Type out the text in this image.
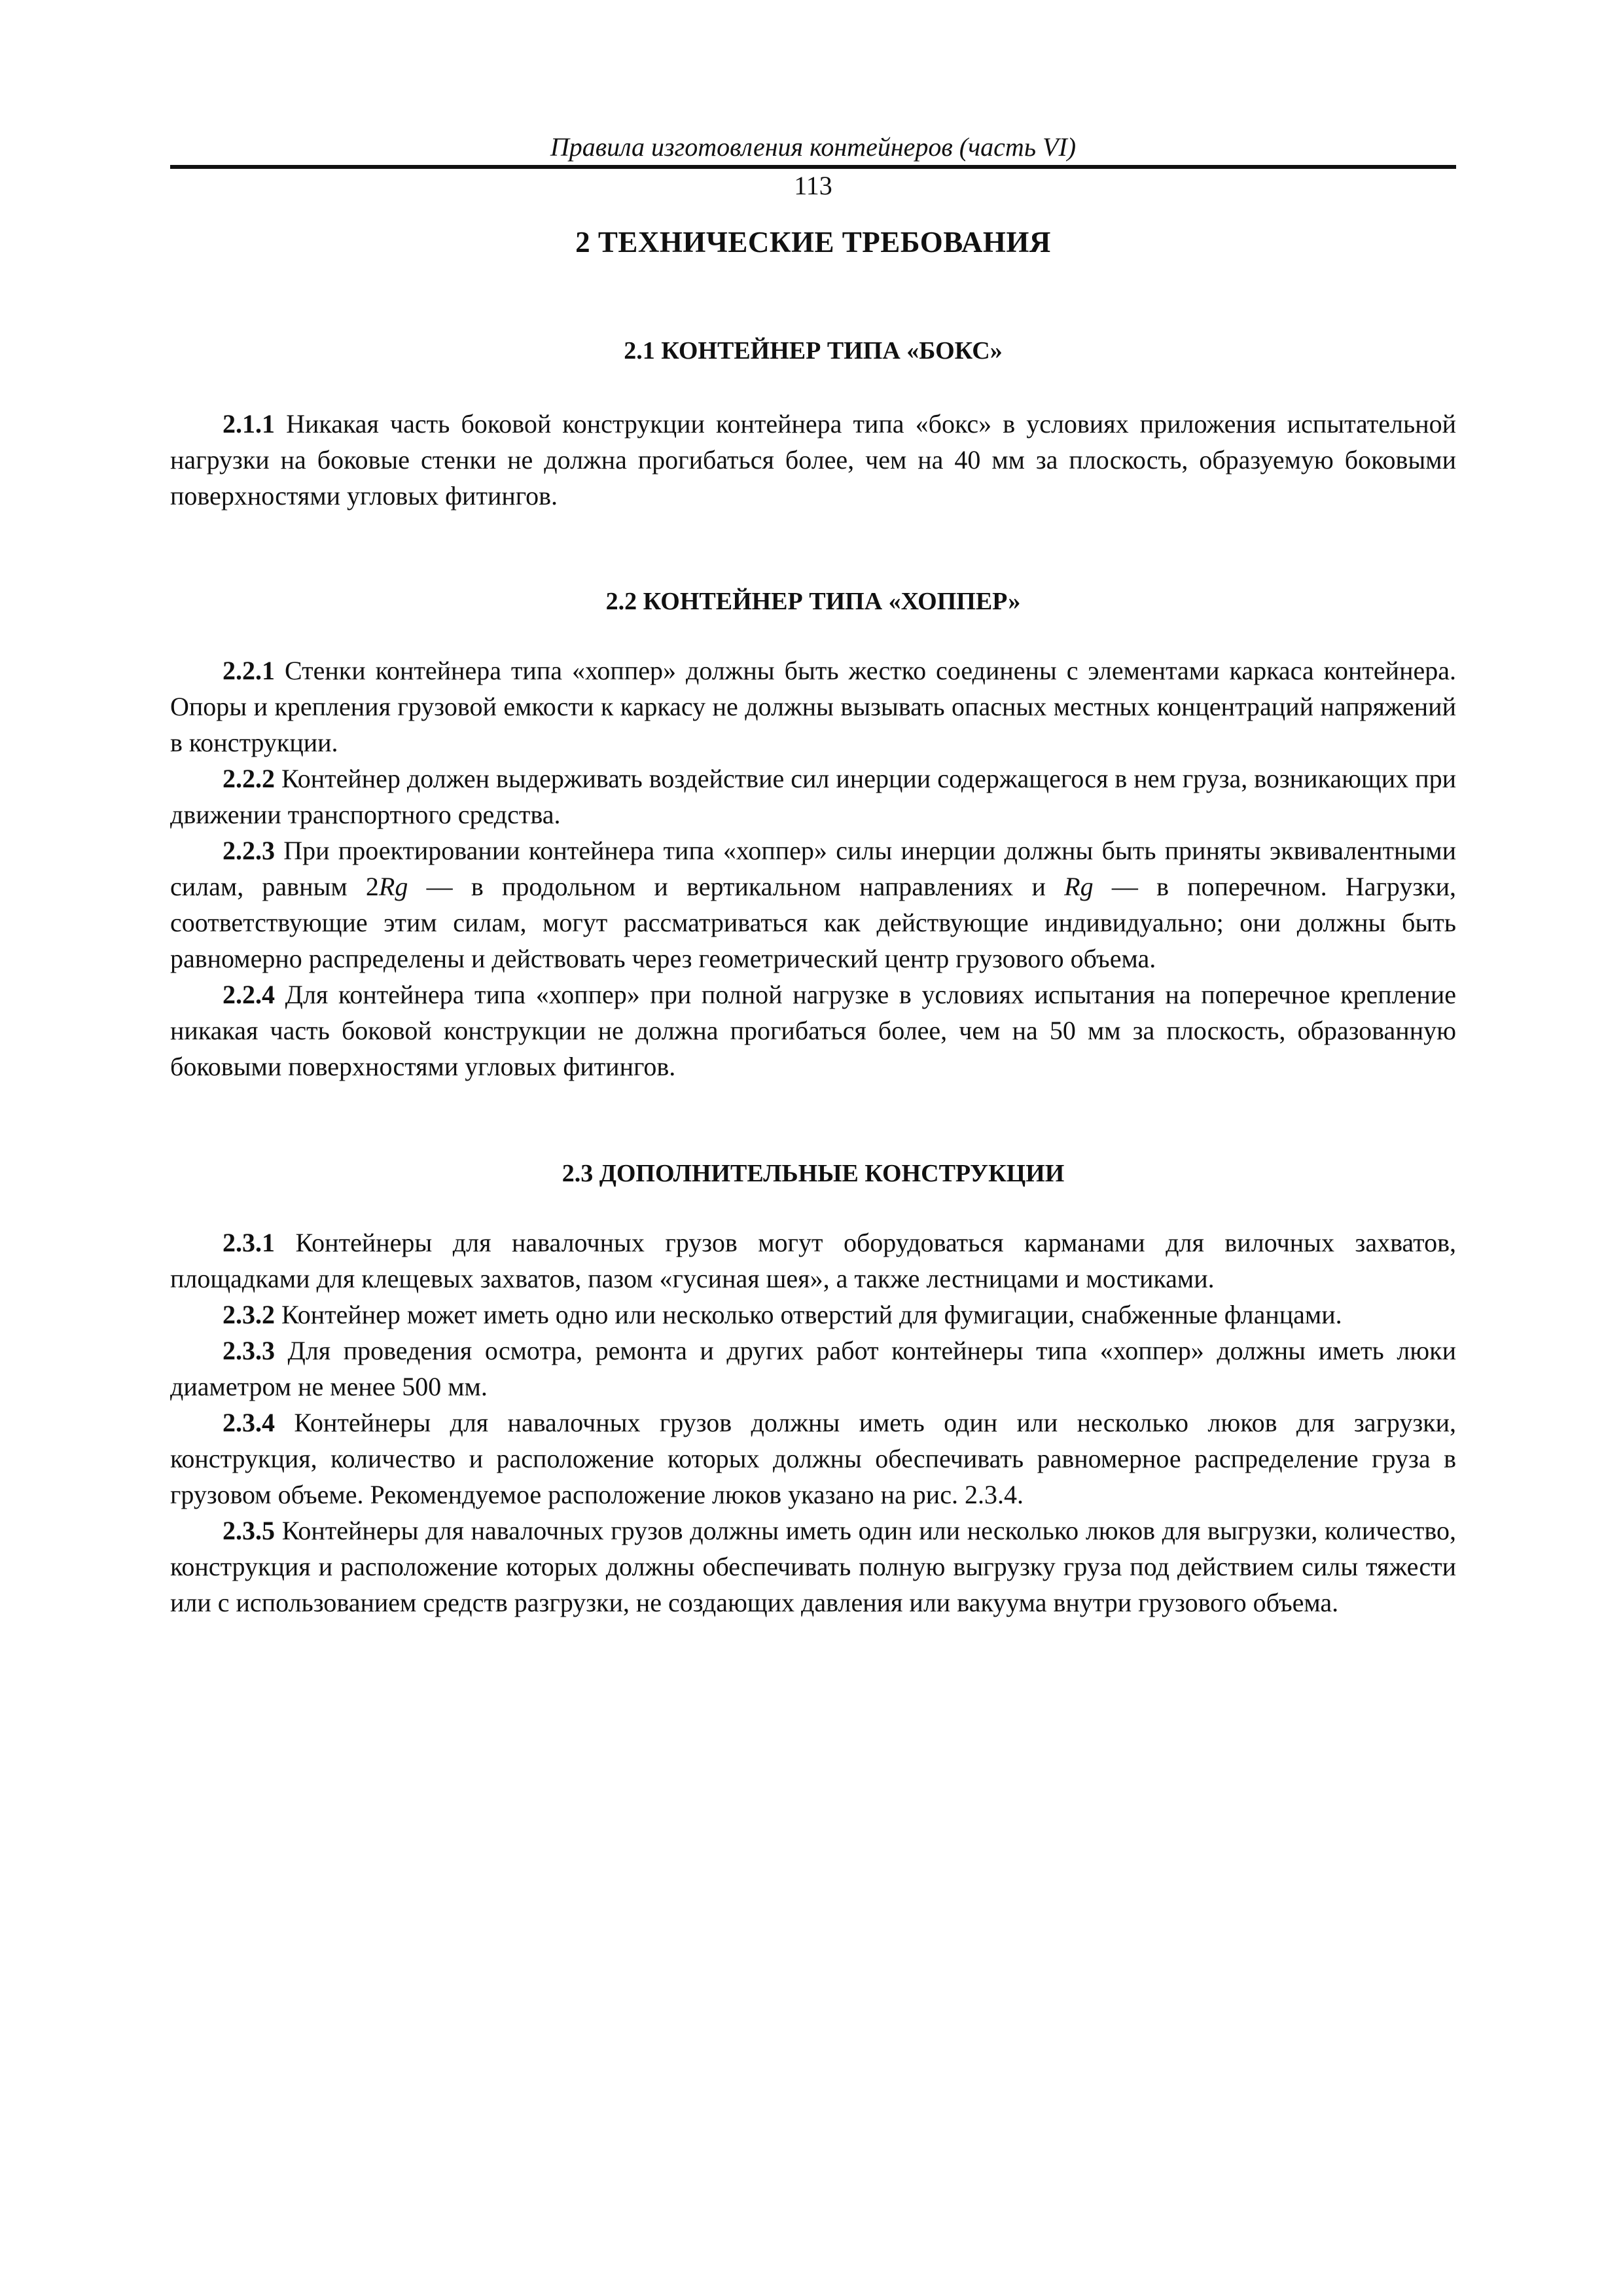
Правила изготовления контейнеров (часть VI)
113
2 ТЕХНИЧЕСКИЕ ТРЕБОВАНИЯ
2.1 КОНТЕЙНЕР ТИПА «БОКС»

2.1.1 Никакая часть боковой конструкции контейнера типа «бокс» в условиях приложения испытательной нагрузки на боковые стенки не должна прогибаться более, чем на 40 мм за плоскость, образуемую боковыми поверхностями угловых фитингов.

2.2 КОНТЕЙНЕР ТИПА «ХОППЕР»

2.2.1 Стенки контейнера типа «хоппер» должны быть жестко соединены с элементами каркаса контейнера. Опоры и крепления грузовой емкости к каркасу не должны вызывать опасных местных концентраций напряжений в конструкции.

2.2.2 Контейнер должен выдерживать воздействие сил инерции содержащегося в нем груза, возникающих при движении транспортного средства.

2.2.3 При проектировании контейнера типа «хоппер» силы инерции должны быть приняты эквивалентными силам, равным 2Rg — в продольном и вертикальном направлениях и Rg — в поперечном. Нагрузки, соответствующие этим силам, могут рассматриваться как действующие индивидуально; они должны быть равномерно распределены и действовать через геометрический центр грузового объема.

2.2.4 Для контейнера типа «хоппер» при полной нагрузке в условиях испытания на поперечное крепление никакая часть боковой конструкции не должна прогибаться более, чем на 50 мм за плоскость, образованную боковыми поверхностями угловых фитингов.

2.3 ДОПОЛНИТЕЛЬНЫЕ КОНСТРУКЦИИ

2.3.1 Контейнеры для навалочных грузов могут оборудоваться карманами для вилочных захватов, площадками для клещевых захватов, пазом «гусиная шея», а также лестницами и мостиками.

2.3.2 Контейнер может иметь одно или несколько отверстий для фумигации, снабженные фланцами.

2.3.3 Для проведения осмотра, ремонта и других работ контейнеры типа «хоппер» должны иметь люки диаметром не менее 500 мм.

2.3.4 Контейнеры для навалочных грузов должны иметь один или несколько люков для загрузки, конструкция, количество и расположение которых должны обеспечивать равномерное распределение груза в грузовом объеме. Рекомендуемое расположение люков указано на рис. 2.3.4.

2.3.5 Контейнеры для навалочных грузов должны иметь один или несколько люков для выгрузки, количество, конструкция и расположение которых должны обеспечивать полную выгрузку груза под действием силы тяжести или с использованием средств разгрузки, не создающих давления или вакуума внутри грузового объема.
